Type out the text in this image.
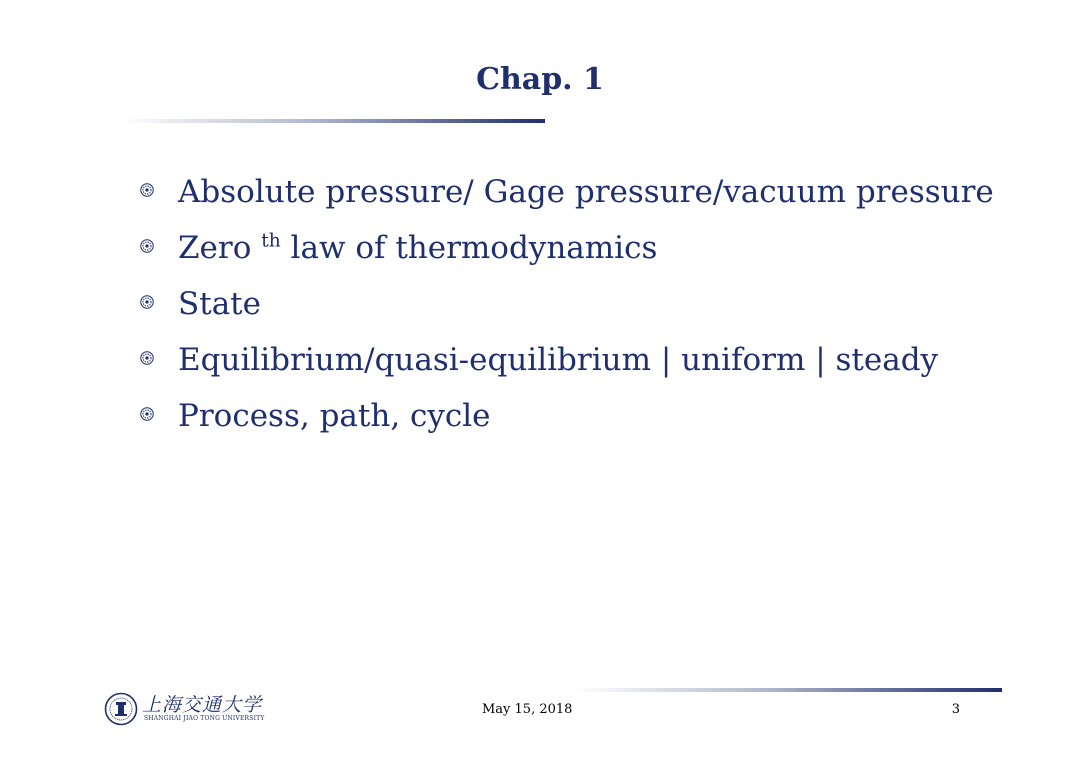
Chap. 1
Absolute pressure/ Gage pressure/vacuum pressure
Zero $^{th}$ law of thermodynamics
State
Equilibrium/quasi-equilibrium | uniform | steady
Process, path, cycle
上海交通大学
SHANGHAI JIAO TONG UNIVERSITY
May 15, 2018	3
